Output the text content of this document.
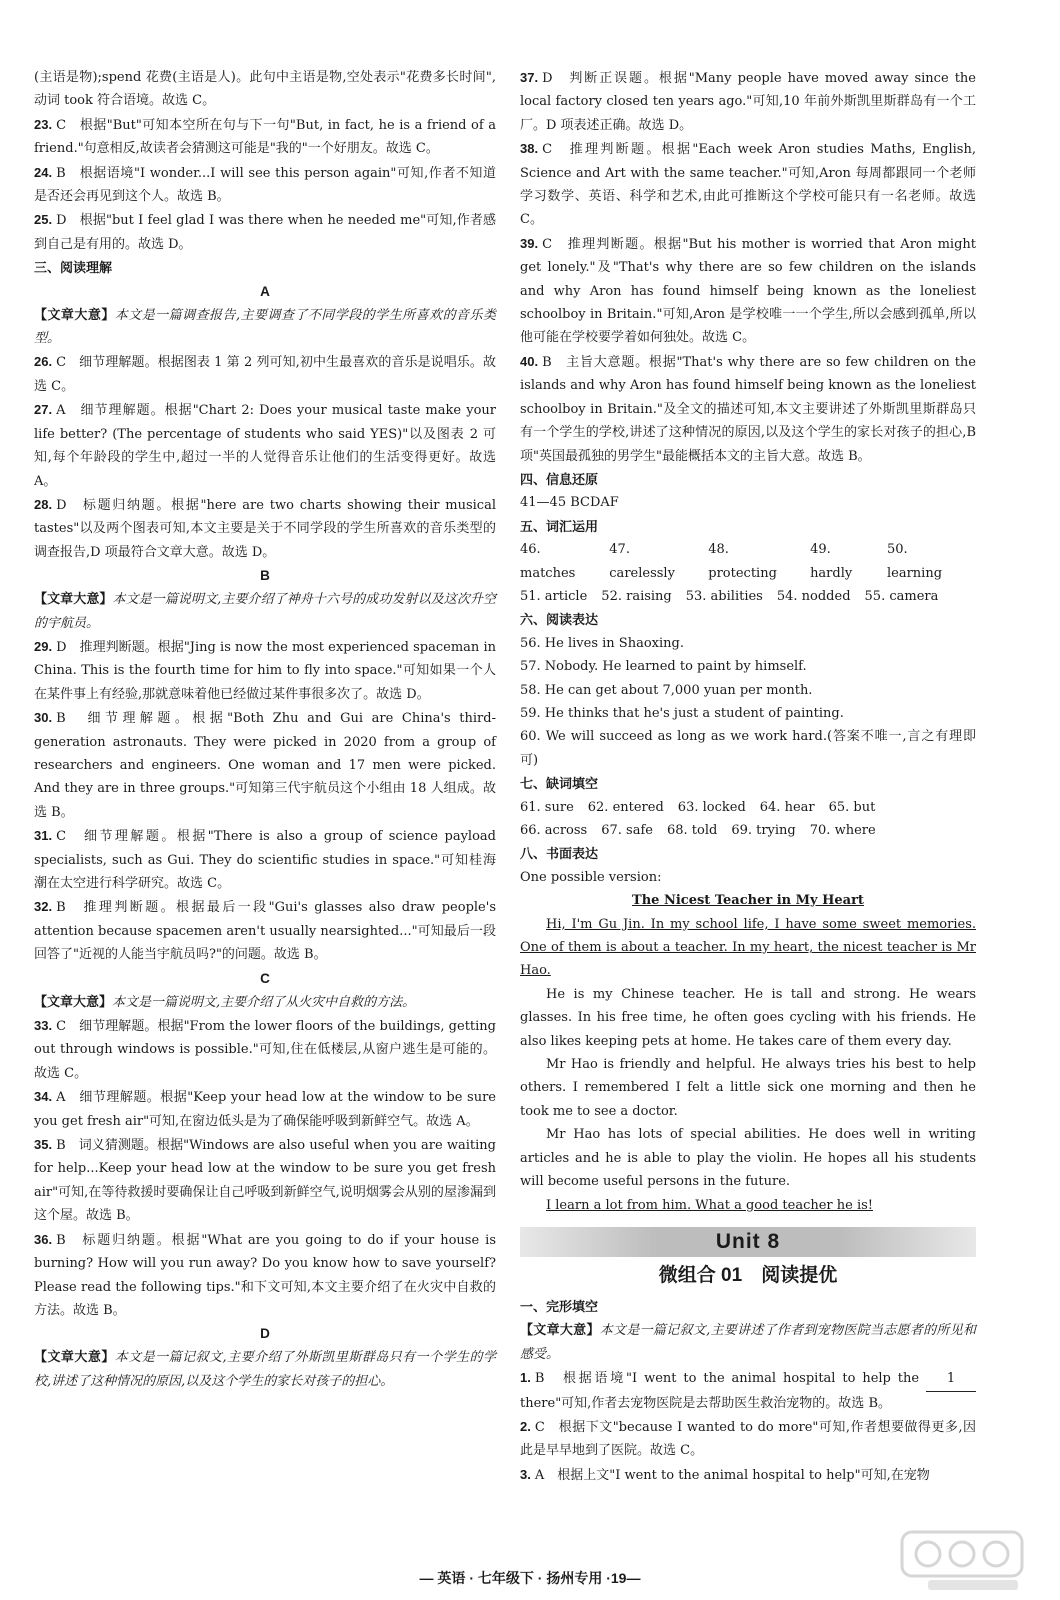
(主语是物);spend 花费(主语是人)。此句中主语是物,空处表示"花费多长时间",动词 took 符合语境。故选 C。

23. C　根据"But"可知本空所在句与下一句"But, in fact, he is a friend of a friend."句意相反,故读者会猜测这可能是"我的"一个好朋友。故选 C。

24. B　根据语境"I wonder...I will see this person again"可知,作者不知道是否还会再见到这个人。故选 B。

25. D　根据"but I feel glad I was there when he needed me"可知,作者感到自己是有用的。故选 D。

三、阅读理解

A

【文章大意】本文是一篇调查报告,主要调查了不同学段的学生所喜欢的音乐类型。

26. C　细节理解题。根据图表 1 第 2 列可知,初中生最喜欢的音乐是说唱乐。故选 C。

27. A　细节理解题。根据"Chart 2: Does your musical taste make your life better? (The percentage of students who said YES)"以及图表 2 可知,每个年龄段的学生中,超过一半的人觉得音乐让他们的生活变得更好。故选 A。

28. D　标题归纳题。根据"here are two charts showing their musical tastes"以及两个图表可知,本文主要是关于不同学段的学生所喜欢的音乐类型的调查报告,D 项最符合文章大意。故选 D。

B

【文章大意】本文是一篇说明文,主要介绍了神舟十六号的成功发射以及这次升空的宇航员。

29. D　推理判断题。根据"Jing is now the most experienced spaceman in China. This is the fourth time for him to fly into space."可知如果一个人在某件事上有经验,那就意味着他已经做过某件事很多次了。故选 D。

30. B　细节理解题。根据"Both Zhu and Gui are China's third-generation astronauts. They were picked in 2020 from a group of researchers and engineers. One woman and 17 men were picked. And they are in three groups."可知第三代宇航员这个小组由 18 人组成。故选 B。

31. C　细节理解题。根据"There is also a group of science payload specialists, such as Gui. They do scientific studies in space."可知桂海潮在太空进行科学研究。故选 C。

32. B　推理判断题。根据最后一段"Gui's glasses also draw people's attention because spacemen aren't usually nearsighted..."可知最后一段回答了"近视的人能当宇航员吗?"的问题。故选 B。

C

【文章大意】本文是一篇说明文,主要介绍了从火灾中自救的方法。

33. C　细节理解题。根据"From the lower floors of the buildings, getting out through windows is possible."可知,住在低楼层,从窗户逃生是可能的。故选 C。

34. A　细节理解题。根据"Keep your head low at the window to be sure you get fresh air"可知,在窗边低头是为了确保能呼吸到新鲜空气。故选 A。

35. B　词义猜测题。根据"Windows are also useful when you are waiting for help...Keep your head low at the window to be sure you get fresh air"可知,在等待救援时要确保让自己呼吸到新鲜空气,说明烟雾会从别的屋渗漏到这个屋。故选 B。

36. B　标题归纳题。根据"What are you going to do if your house is burning? How will you run away? Do you know how to save yourself? Please read the following tips."和下文可知,本文主要介绍了在火灾中自救的方法。故选 B。

D

【文章大意】本文是一篇记叙文,主要介绍了外斯凯里斯群岛只有一个学生的学校,讲述了这种情况的原因,以及这个学生的家长对孩子的担心。

37. D　判断正误题。根据"Many people have moved away since the local factory closed ten years ago."可知,10 年前外斯凯里斯群岛有一个工厂。D 项表述正确。故选 D。

38. C　推理判断题。根据"Each week Aron studies Maths, English, Science and Art with the same teacher."可知,Aron 每周都跟同一个老师学习数学、英语、科学和艺术,由此可推断这个学校可能只有一名老师。故选 C。

39. C　推理判断题。根据"But his mother is worried that Aron might get lonely."及"That's why there are so few children on the islands and why Aron has found himself being known as the loneliest schoolboy in Britain."可知,Aron 是学校唯一一个学生,所以会感到孤单,所以他可能在学校要学着如何独处。故选 C。

40. B　主旨大意题。根据"That's why there are so few children on the islands and why Aron has found himself being known as the loneliest schoolboy in Britain."及全文的描述可知,本文主要讲述了外斯凯里斯群岛只有一个学生的学校,讲述了这种情况的原因,以及这个学生的家长对孩子的担心,B 项"英国最孤独的男学生"最能概括本文的主旨大意。故选 B。

四、信息还原

41—45 BCDAF

五、词汇运用

46. matches
47. carelessly
48. protecting
49. hardly
50. learning
51. article 52. raising 53. abilities 54. nodded 55. camera

六、阅读表达

56. He lives in Shaoxing.

57. Nobody. He learned to paint by himself.

58. He can get about 7,000 yuan per month.

59. He thinks that he's just a student of painting.

60. We will succeed as long as we work hard.(答案不唯一,言之有理即可)

七、缺词填空

61. sure 62. entered 63. locked 64. hear 65. but
66. across 67. safe 68. told 69. trying 70. where

八、书面表达

One possible version:

The Nicest Teacher in My Heart

Hi, I'm Gu Jin. In my school life, I have some sweet memories. One of them is about a teacher. In my heart, the nicest teacher is Mr Hao.

He is my Chinese teacher. He is tall and strong. He wears glasses. In his free time, he often goes cycling with his friends. He also likes keeping pets at home. He takes care of them every day.

Mr Hao is friendly and helpful. He always tries his best to help others. I remembered I felt a little sick one morning and then he took me to see a doctor.

Mr Hao has lots of special abilities. He does well in writing articles and he is able to play the violin. He hopes all his students will become useful persons in the future.

I learn a lot from him. What a good teacher he is!

Unit 8

微组合 01　阅读提优

一、完形填空

【文章大意】本文是一篇记叙文,主要讲述了作者到宠物医院当志愿者的所见和感受。

1. B　根据语境"I went to the animal hospital to help the 1 there"可知,作者去宠物医院是去帮助医生救治宠物的。故选 B。

2. C　根据下文"because I wanted to do more"可知,作者想要做得更多,因此是早早地到了医院。故选 C。

3. A　根据上文"I went to the animal hospital to help"可知,在宠物

— 英语 · 七年级下 · 扬州专用 ·19—
